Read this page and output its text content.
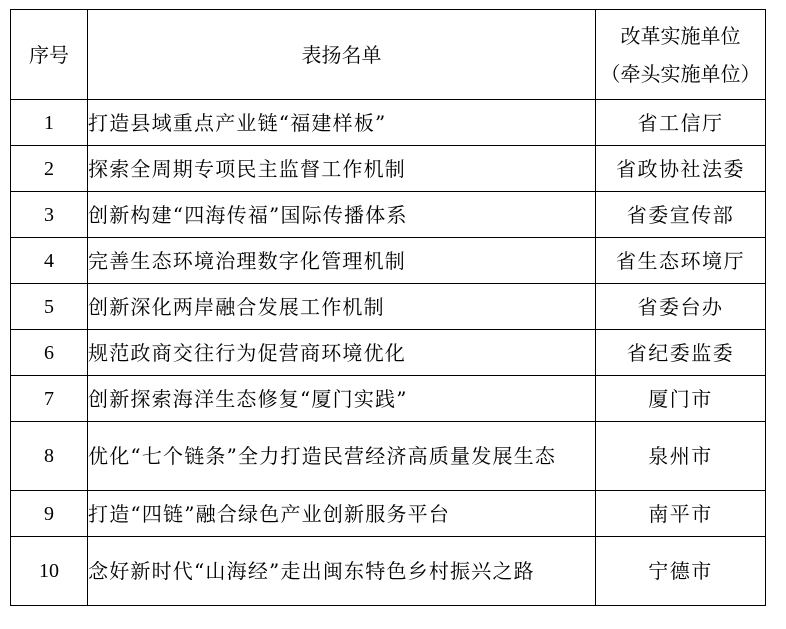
序号	表扬名单	改革实施单位
（牵头实施单位）

1	打造县域重点产业链“福建样板”	省工信厅
2	探索全周期专项民主监督工作机制	省政协社法委
3	创新构建“四海传福”国际传播体系	省委宣传部
4	完善生态环境治理数字化管理机制	省生态环境厅
5	创新深化两岸融合发展工作机制	省委台办
6	规范政商交往行为促营商环境优化	省纪委监委
7	创新探索海洋生态修复“厦门实践”	厦门市
8	优化“七个链条”全力打造民营经济高质量发展生态	泉州市
9	打造“四链”融合绿色产业创新服务平台	南平市
10	念好新时代“山海经”走出闽东特色乡村振兴之路	宁德市
